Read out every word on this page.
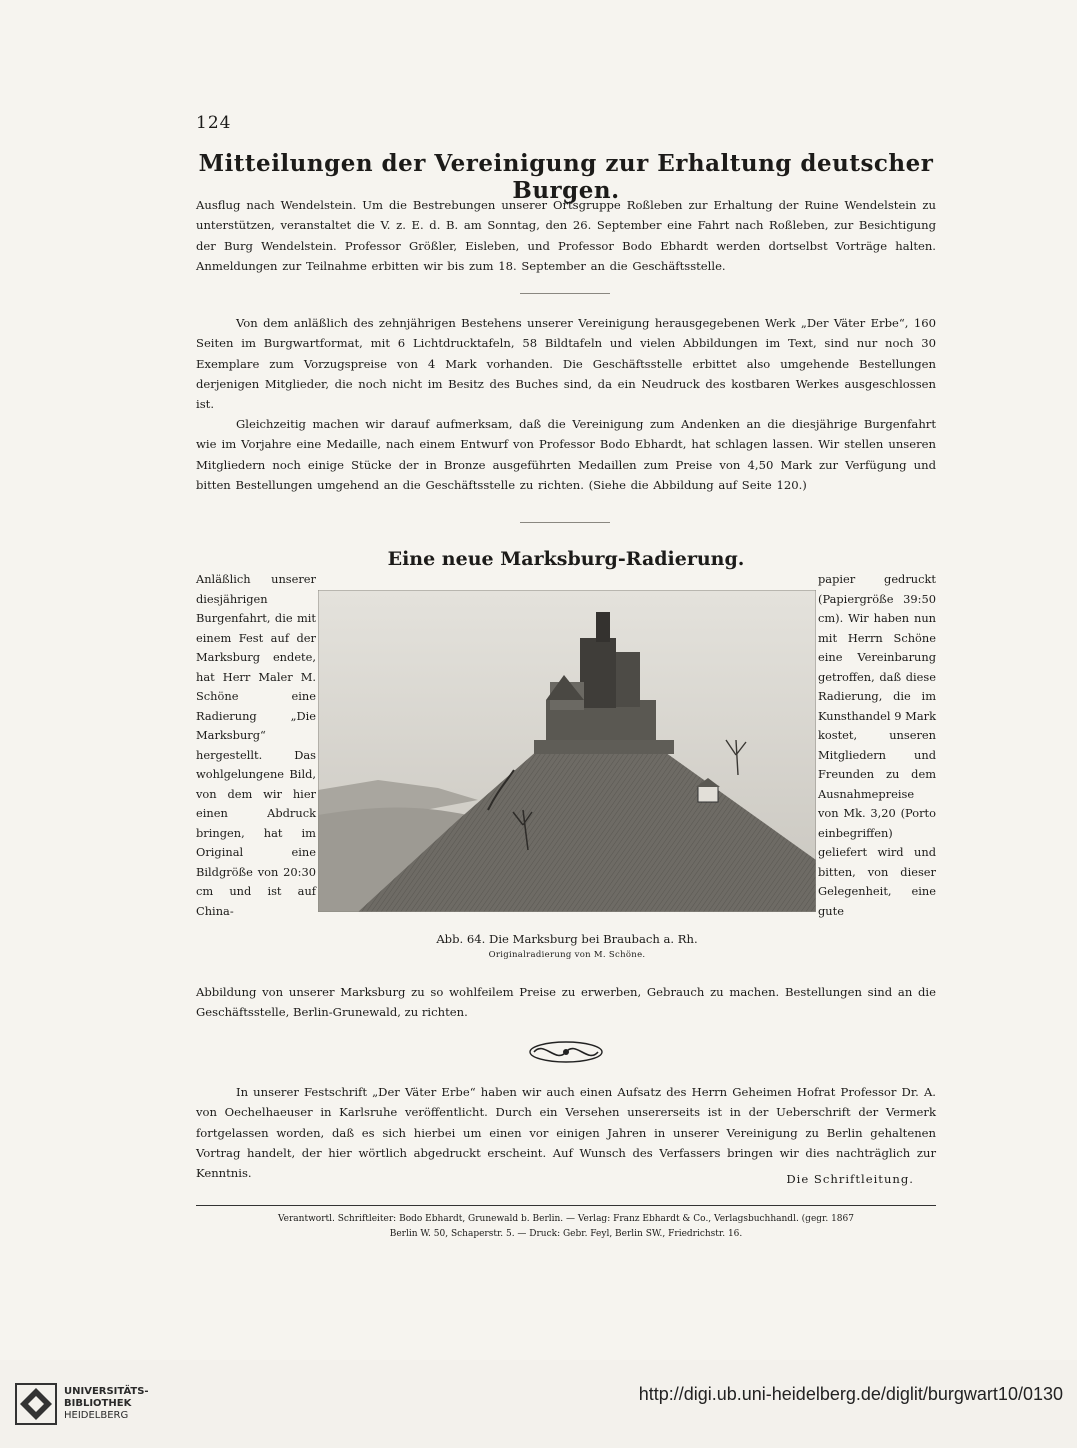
124
Mitteilungen der Vereinigung zur Erhaltung deutscher Burgen.
Ausflug nach Wendelstein. Um die Bestrebungen unserer Ortsgruppe Roßleben zur Erhaltung der Ruine Wendelstein zu unterstützen, veranstaltet die V. z. E. d. B. am Sonntag, den 26. September eine Fahrt nach Roßleben, zur Besichtigung der Burg Wendelstein. Professor Größler, Eisleben, und Professor Bodo Ebhardt werden dortselbst Vorträge halten. Anmeldungen zur Teilnahme erbitten wir bis zum 18. September an die Geschäftsstelle.
Von dem anläßlich des zehnjährigen Bestehens unserer Vereinigung herausgegebenen Werk „Der Väter Erbe“, 160 Seiten im Burgwartformat, mit 6 Lichtdrucktafeln, 58 Bildtafeln und vielen Abbildungen im Text, sind nur noch 30 Exemplare zum Vorzugspreise von 4 Mark vorhanden. Die Geschäftsstelle erbittet also umgehende Bestellungen derjenigen Mitglieder, die noch nicht im Besitz des Buches sind, da ein Neudruck des kostbaren Werkes ausgeschlossen ist.
Gleichzeitig machen wir darauf aufmerksam, daß die Vereinigung zum Andenken an die diesjährige Burgenfahrt wie im Vorjahre eine Medaille, nach einem Entwurf von Professor Bodo Ebhardt, hat schlagen lassen. Wir stellen unseren Mitgliedern noch einige Stücke der in Bronze ausgeführten Medaillen zum Preise von 4,50 Mark zur Verfügung und bitten Bestellungen umgehend an die Geschäftsstelle zu richten. (Siehe die Abbildung auf Seite 120.)
Eine neue Marksburg-Radierung.
Anläßlich unserer diesjährigen Burgenfahrt, die mit einem Fest auf der Marksburg endete, hat Herr Maler M. Schöne eine Radierung „Die Marksburg“ hergestellt. Das wohlgelungene Bild, von dem wir hier einen Abdruck bringen, hat im Original eine Bildgröße von 20:30 cm und ist auf China-
papier gedruckt (Papiergröße 39:50 cm). Wir haben nun mit Herrn Schöne eine Vereinbarung getroffen, daß diese Radierung, die im Kunsthandel 9 Mark kostet, unseren Mitgliedern und Freunden zu dem Ausnahmepreise von Mk. 3,20 (Porto einbegriffen) geliefert wird und bitten, von dieser Gelegenheit, eine gute
Abb. 64. Die Marksburg bei Braubach a. Rh.
Originalradierung von M. Schöne.
Abbildung von unserer Marksburg zu so wohlfeilem Preise zu erwerben, Gebrauch zu machen. Bestellungen sind an die Geschäftsstelle, Berlin-Grunewald, zu richten.
In unserer Festschrift „Der Väter Erbe“ haben wir auch einen Aufsatz des Herrn Geheimen Hofrat Professor Dr. A. von Oechelhaeuser in Karlsruhe veröffentlicht. Durch ein Versehen unsererseits ist in der Ueberschrift der Vermerk fortgelassen worden, daß es sich hierbei um einen vor einigen Jahren in unserer Vereinigung zu Berlin gehaltenen Vortrag handelt, der hier wörtlich abgedruckt erscheint. Auf Wunsch des Verfassers bringen wir dies nachträglich zur Kenntnis.	Die Schriftleitung.
Verantwortl. Schriftleiter: Bodo Ebhardt, Grunewald b. Berlin. — Verlag: Franz Ebhardt & Co., Verlagsbuchhandl. (gegr. 1867
Berlin W. 50, Schaperstr. 5. — Druck: Gebr. Feyl, Berlin SW., Friedrichstr. 16.
UNIVERSITÄTS-
BIBLIOTHEK
HEIDELBERG
http://digi.ub.uni-heidelberg.de/diglit/burgwart10/0130
